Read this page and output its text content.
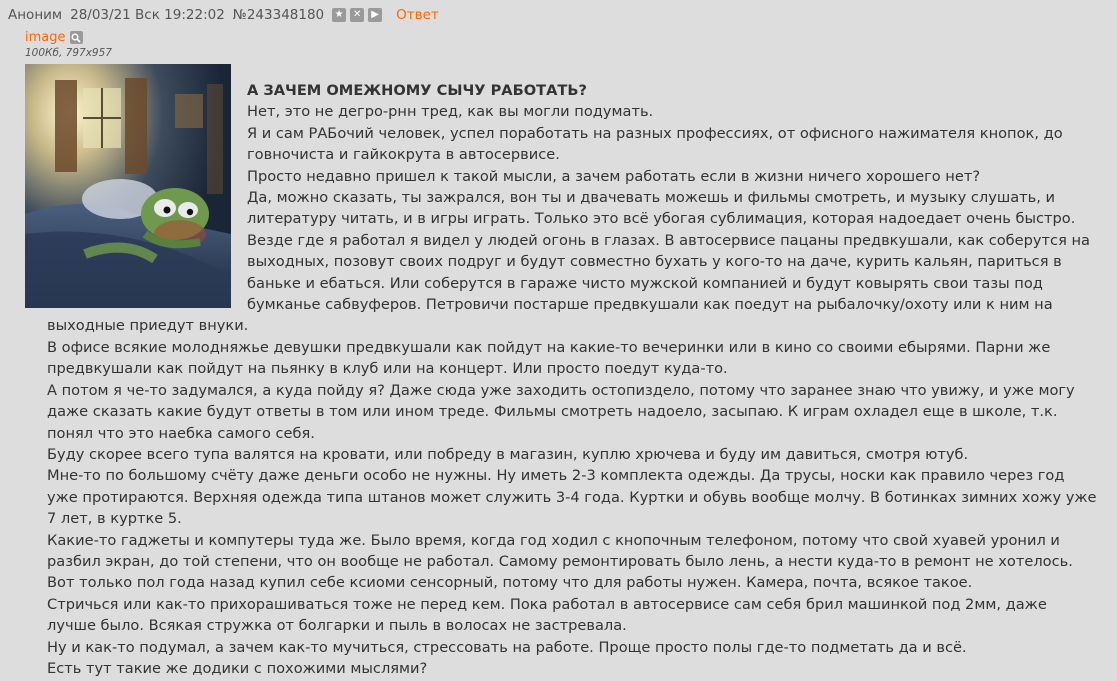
Аноним 28/03/21 Вск 19:22:02 №243348180 ★ ✕ ▶ Ответ
image
100Кб, 797x957
А ЗАЧЕМ ОМЕЖНОМУ СЫЧУ РАБОТАТЬ?
Нет, это не дегро-рнн тред, как вы могли подумать.
Я и сам РАБочий человек, успел поработать на разных профессиях, от офисного нажимателя кнопок, до
говночиста и гайкокрута в автосервисе.
Просто недавно пришел к такой мысли, а зачем работать если в жизни ничего хорошего нет?
Да, можно сказать, ты зажрался, вон ты и двачевать можешь и фильмы смотреть, и музыку слушать, и
литературу читать, и в игры играть. Только это всё убогая сублимация, которая надоедает очень быстро.
Везде где я работал я видел у людей огонь в глазах. В автосервисе пацаны предвкушали, как соберутся на
выходных, позовут своих подруг и будут совместно бухать у кого-то на даче, курить кальян, париться в
баньке и ебаться. Или соберутся в гараже чисто мужской компанией и будут ковырять свои тазы под
бумканье сабвуферов. Петровичи постарше предвкушали как поедут на рыбалочку/охоту или к ним на
выходные приедут внуки.
В офисе всякие молодняжье девушки предвкушали как пойдут на какие-то вечеринки или в кино со своими ебырями. Парни же
предвкушали как пойдут на пьянку в клуб или на концерт. Или просто поедут куда-то.
А потом я че-то задумался, а куда пойду я? Даже сюда уже заходить остопиздело, потому что заранее знаю что увижу, и уже могу
даже сказать какие будут ответы в том или ином треде. Фильмы смотреть надоело, засыпаю. К играм охладел еще в школе, т.к.
понял что это наебка самого себя.
Буду скорее всего тупа валятся на кровати, или побреду в магазин, куплю хрючева и буду им давиться, смотря ютуб.
Мне-то по большому счёту даже деньги особо не нужны. Ну иметь 2-3 комплекта одежды. Да трусы, носки как правило через год
уже протираются. Верхняя одежда типа штанов может служить 3-4 года. Куртки и обувь вообще молчу. В ботинках зимних хожу уже
7 лет, в куртке 5.
Какие-то гаджеты и компутеры туда же. Было время, когда год ходил с кнопочным телефоном, потому что свой хуавей уронил и
разбил экран, до той степени, что он вообще не работал. Самому ремонтировать было лень, а нести куда-то в ремонт не хотелось.
Вот только пол года назад купил себе ксиоми сенсорный, потому что для работы нужен. Камера, почта, всякое такое.
Стричься или как-то прихорашиваться тоже не перед кем. Пока работал в автосервисе сам себя брил машинкой под 2мм, даже
лучше было. Всякая стружка от болгарки и пыль в волосах не застревала.
Ну и как-то подумал, а зачем как-то мучиться, стрессовать на работе. Проще просто полы где-то подметать да и всё.
Есть тут такие же додики с похожими мыслями?
